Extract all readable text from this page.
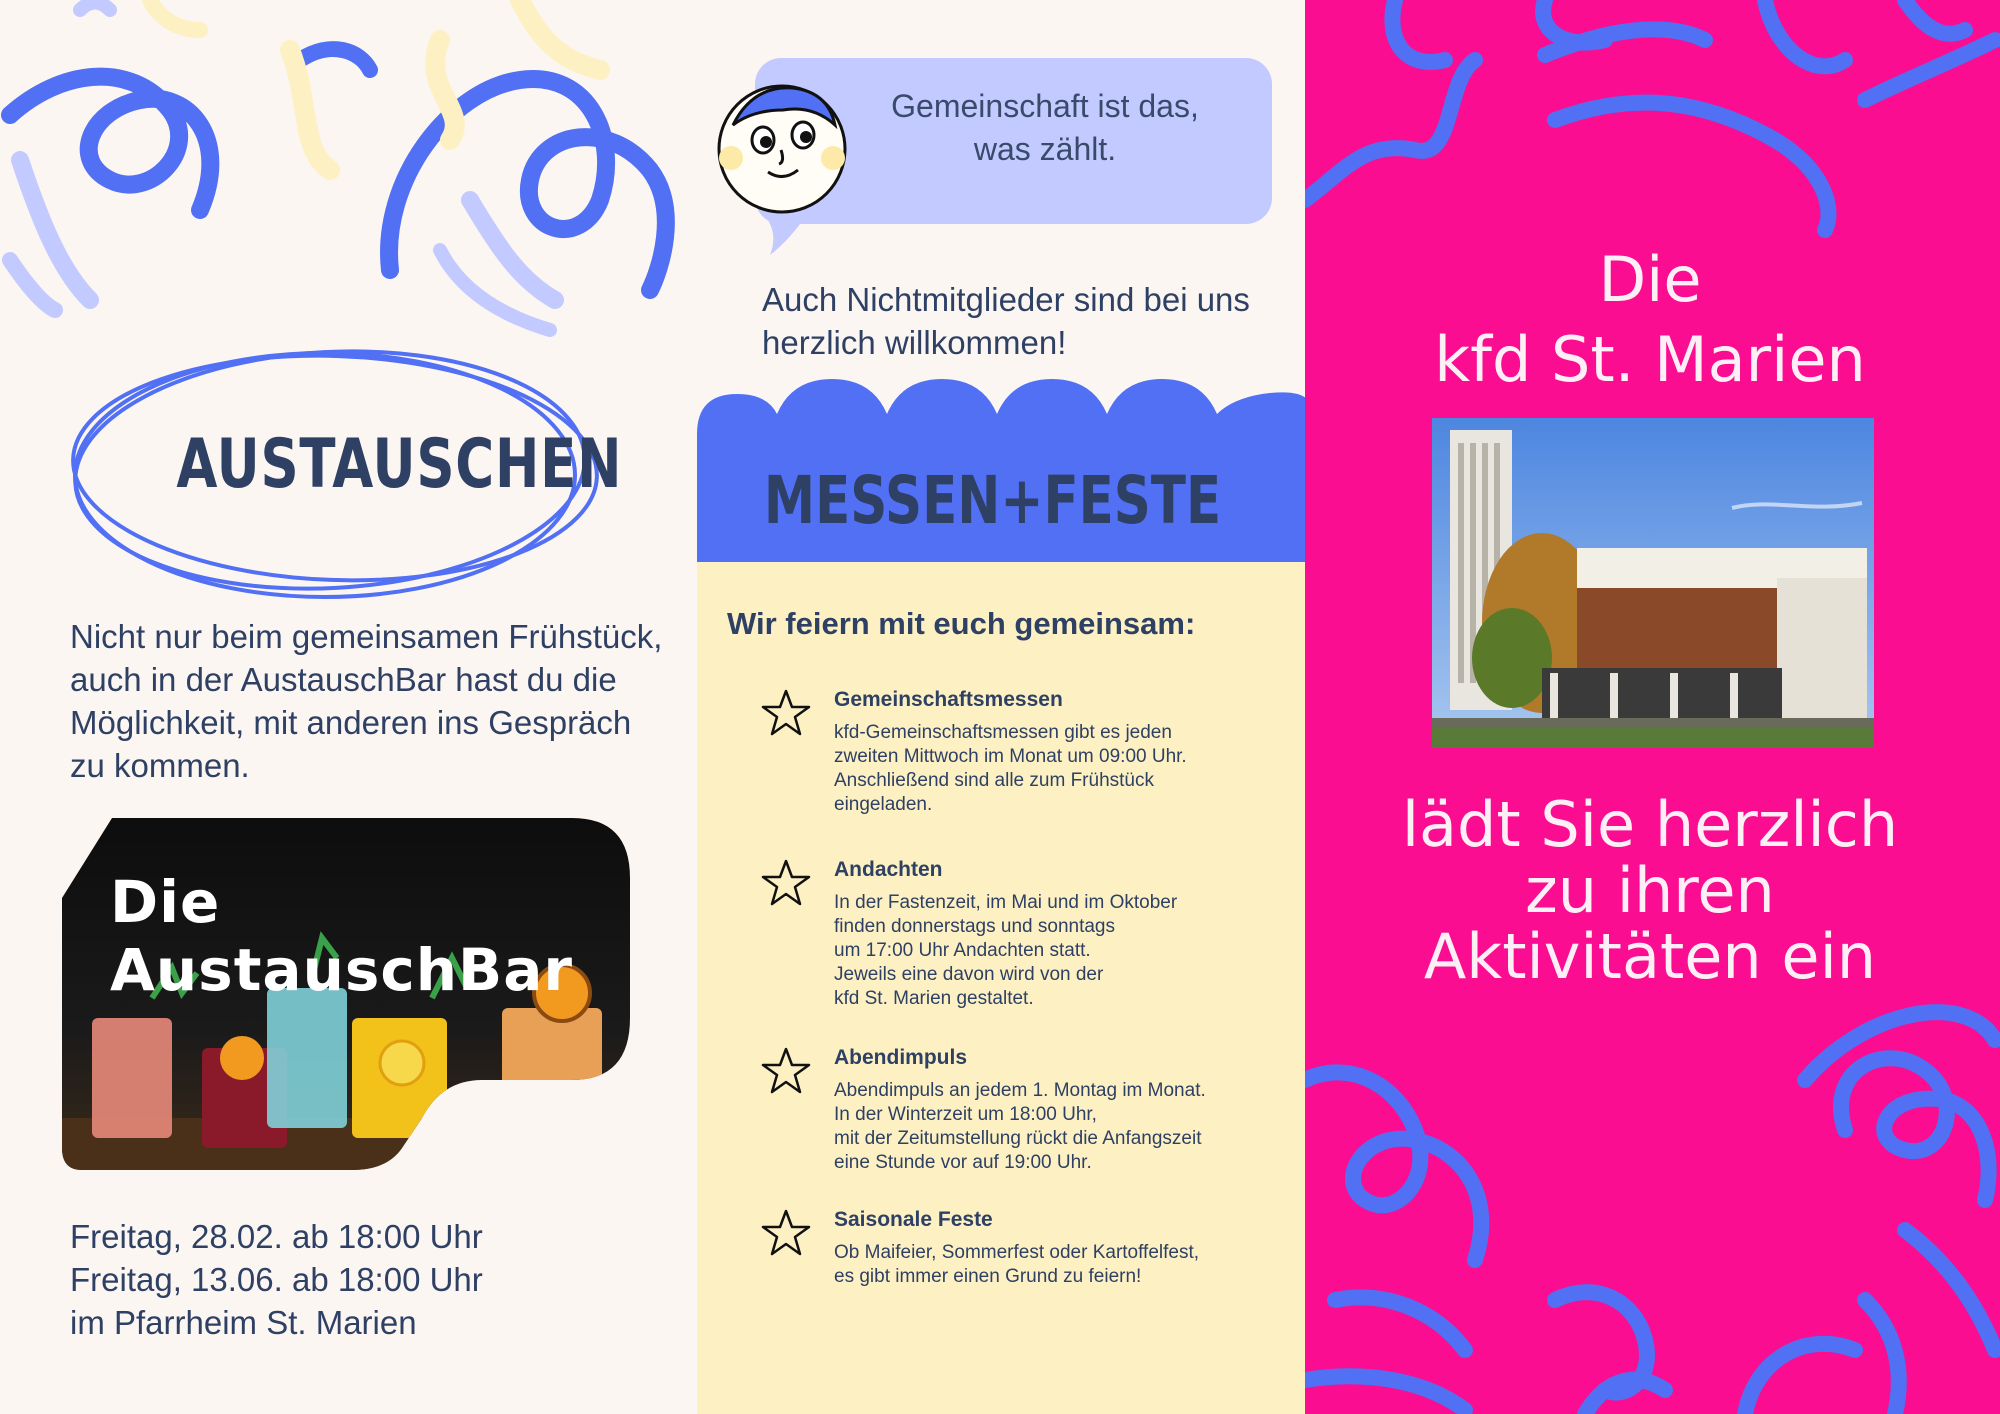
AUSTAUSCHEN
Nicht nur beim gemeinsamen Frühstück, auch in der AustauschBar hast du die Möglichkeit, mit anderen ins Gespräch zu kommen.
Die AustauschBar
Freitag, 28.02. ab 18:00 Uhr
Freitag, 13.06. ab 18:00 Uhr
im Pfarrheim St. Marien
Gemeinschaft ist das, was zählt.
Auch Nichtmitglieder sind bei uns herzlich willkommen!
MESSEN+FESTE
Wir feiern mit euch gemeinsam:
Gemeinschaftsmessen
kfd-Gemeinschaftsmessen gibt es jeden
zweiten Mittwoch im Monat um 09:00 Uhr.
Anschließend sind alle zum Frühstück
eingeladen.
Andachten
In der Fastenzeit, im Mai und im Oktober
finden donnerstags und sonntags
um 17:00 Uhr Andachten statt.
Jeweils eine davon wird von der
kfd St. Marien gestaltet.
Abendimpuls
Abendimpuls an jedem 1. Montag im Monat.
In der Winterzeit um 18:00 Uhr,
mit der Zeitumstellung rückt die Anfangszeit
eine Stunde vor auf 19:00 Uhr.
Saisonale Feste
Ob Maifeier, Sommerfest oder Kartoffelfest,
es gibt immer einen Grund zu feiern!
Die
kfd St. Marien
lädt Sie herzlich
zu ihren
Aktivitäten ein
